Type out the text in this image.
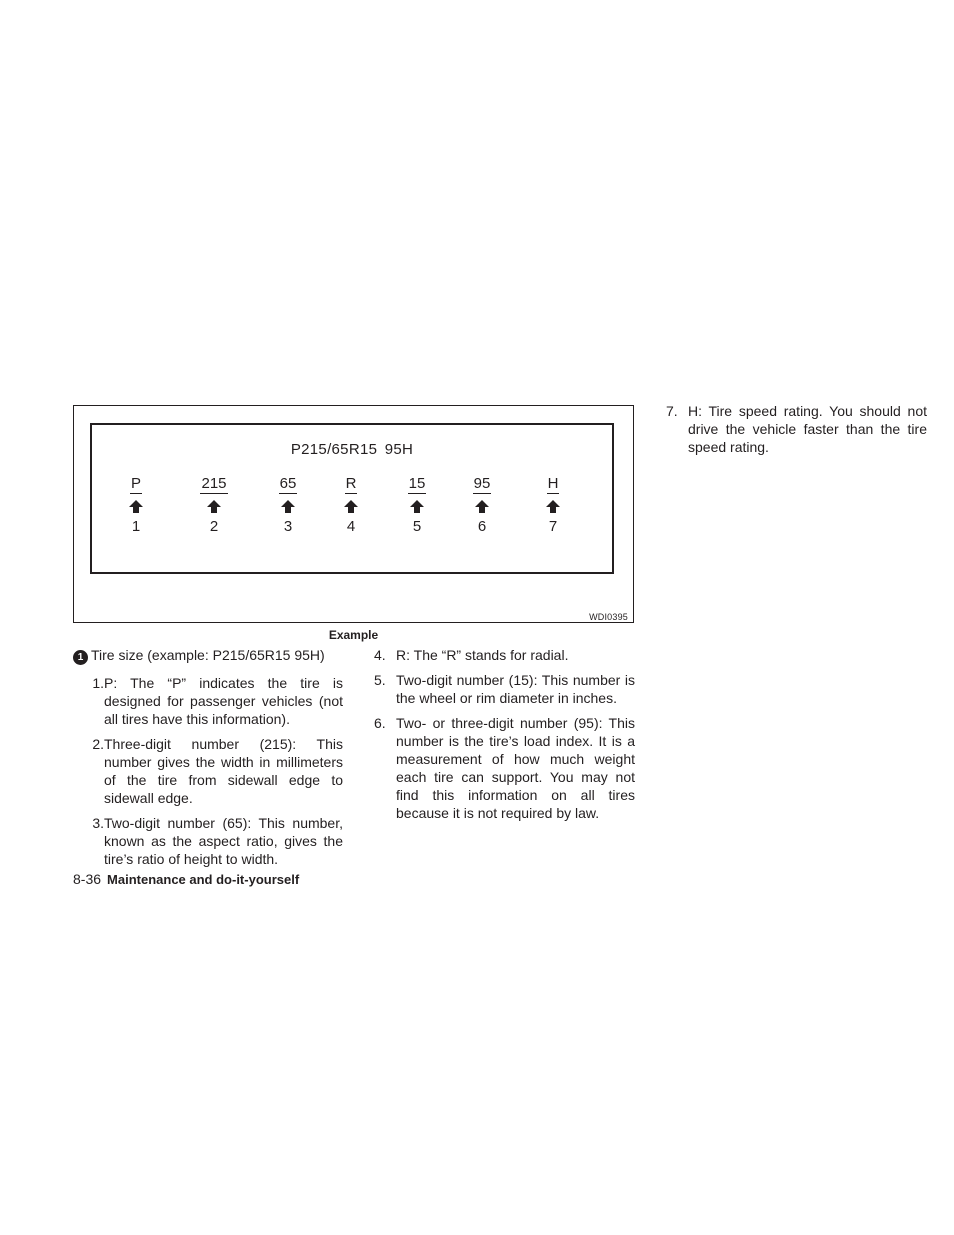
P215/65R15 95H
P
1
215
2
65
3
R
4
15
5
95
6
H
7
WDI0395
Example
1 Tire size (example: P215/65R15 95H)
1. P: The “P” indicates the tire is designed for passenger vehicles (not all tires have this information).
2. Three-digit number (215): This number gives the width in millimeters of the tire from sidewall edge to sidewall edge.
3. Two-digit number (65): This number, known as the aspect ratio, gives the tire’s ratio of height to width.
4. R: The “R” stands for radial.
5. Two-digit number (15): This number is the wheel or rim diameter in inches.
6. Two- or three-digit number (95): This number is the tire’s load index. It is a measurement of how much weight each tire can support. You may not find this information on all tires because it is not required by law.
7. H: Tire speed rating. You should not drive the vehicle faster than the tire speed rating.
8-36 Maintenance and do-it-yourself
